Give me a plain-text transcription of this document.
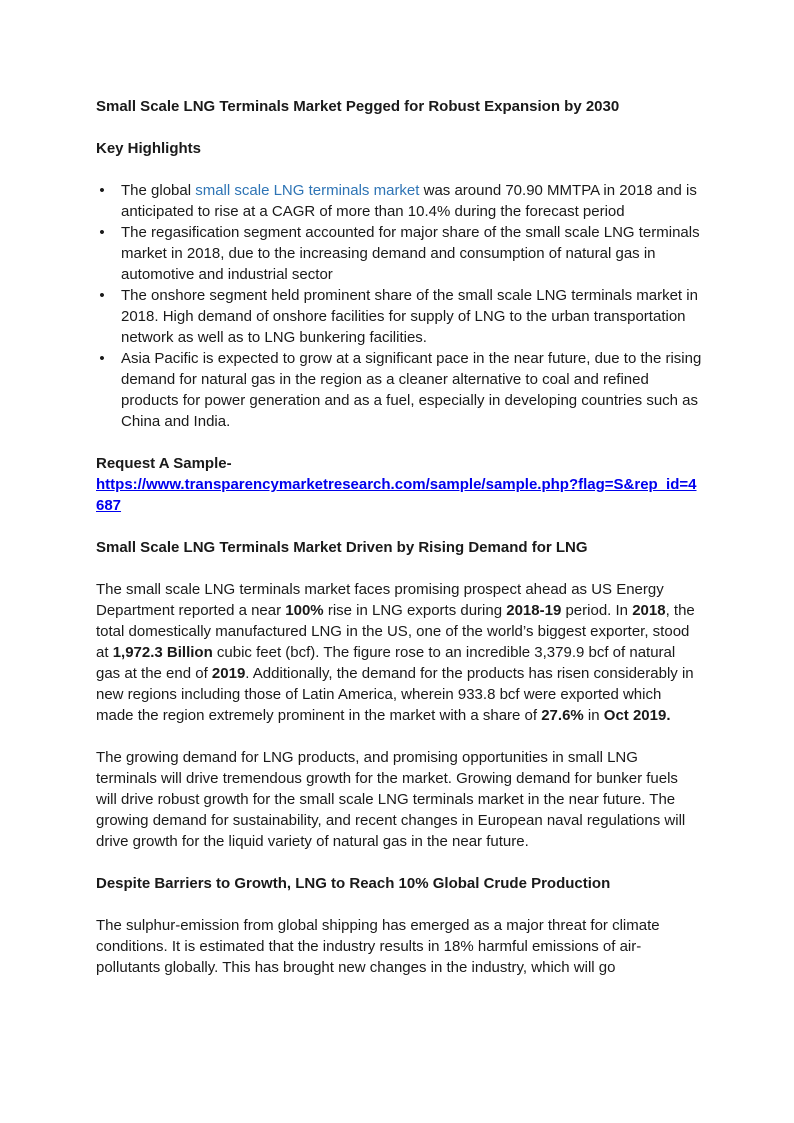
Small Scale LNG Terminals Market Pegged for Robust Expansion by 2030

Key Highlights

• The global small scale LNG terminals market was around 70.90 MMTPA in 2018 and is anticipated to rise at a CAGR of more than 10.4% during the forecast period
• The regasification segment accounted for major share of the small scale LNG terminals market in 2018, due to the increasing demand and consumption of natural gas in automotive and industrial sector
• The onshore segment held prominent share of the small scale LNG terminals market in 2018. High demand of onshore facilities for supply of LNG to the urban transportation network as well as to LNG bunkering facilities.
• Asia Pacific is expected to grow at a significant pace in the near future, due to the rising demand for natural gas in the region as a cleaner alternative to coal and refined products for power generation and as a fuel, especially in developing countries such as China and India.

Request A Sample-

https://www.transparencymarketresearch.com/sample/sample.php?flag=S&rep_id=4687

Small Scale LNG Terminals Market Driven by Rising Demand for LNG

The small scale LNG terminals market faces promising prospect ahead as US Energy Department reported a near 100% rise in LNG exports during 2018-19 period. In 2018, the total domestically manufactured LNG in the US, one of the world’s biggest exporter, stood at 1,972.3 Billion cubic feet (bcf). The figure rose to an incredible 3,379.9 bcf of natural gas at the end of 2019. Additionally, the demand for the products has risen considerably in new regions including those of Latin America, wherein 933.8 bcf were exported which made the region extremely prominent in the market with a share of 27.6% in Oct 2019.

The growing demand for LNG products, and promising opportunities in small LNG terminals will drive tremendous growth for the market. Growing demand for bunker fuels will drive robust growth for the small scale LNG terminals market in the near future. The growing demand for sustainability, and recent changes in European naval regulations will drive growth for the liquid variety of natural gas in the near future.

Despite Barriers to Growth, LNG to Reach 10% Global Crude Production

The sulphur-emission from global shipping has emerged as a major threat for climate conditions. It is estimated that the industry results in 18% harmful emissions of air-pollutants globally. This has brought new changes in the industry, which will go
